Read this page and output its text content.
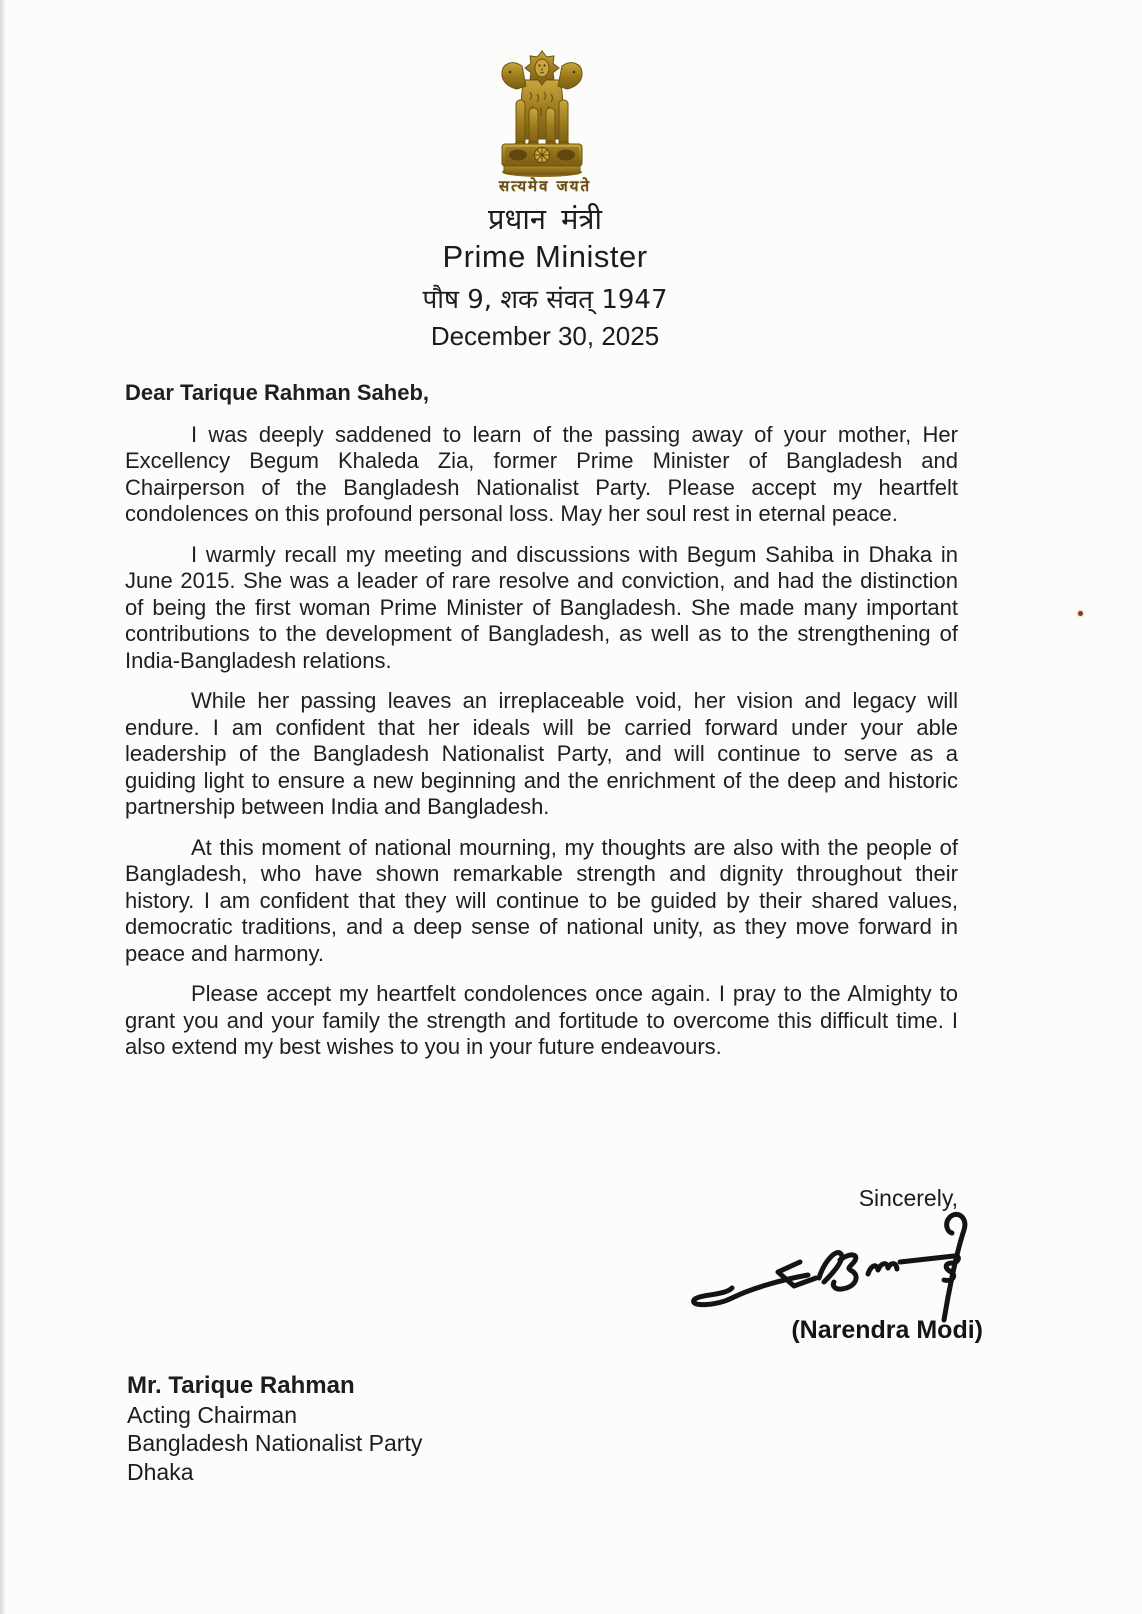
सत्यमेव जयते
प्रधान मंत्री
Prime Minister
पौष 9, शक संवत् 1947
December 30, 2025

Dear Tarique Rahman Saheb,

I was deeply saddened to learn of the passing away of your mother, Her Excellency Begum Khaleda Zia, former Prime Minister of Bangladesh and Chairperson of the Bangladesh Nationalist Party. Please accept my heartfelt condolences on this profound personal loss. May her soul rest in eternal peace.

I warmly recall my meeting and discussions with Begum Sahiba in Dhaka in June 2015. She was a leader of rare resolve and conviction, and had the distinction of being the first woman Prime Minister of Bangladesh. She made many important contributions to the development of Bangladesh, as well as to the strengthening of India-Bangladesh relations.

While her passing leaves an irreplaceable void, her vision and legacy will endure. I am confident that her ideals will be carried forward under your able leadership of the Bangladesh Nationalist Party, and will continue to serve as a guiding light to ensure a new beginning and the enrichment of the deep and historic partnership between India and Bangladesh.

At this moment of national mourning, my thoughts are also with the people of Bangladesh, who have shown remarkable strength and dignity throughout their history. I am confident that they will continue to be guided by their shared values, democratic traditions, and a deep sense of national unity, as they move forward in peace and harmony.

Please accept my heartfelt condolences once again. I pray to the Almighty to grant you and your family the strength and fortitude to overcome this difficult time. I also extend my best wishes to you in your future endeavours.

Sincerely,
(Narendra Modi)
Mr. Tarique Rahman
Acting Chairman
Bangladesh Nationalist Party
Dhaka
